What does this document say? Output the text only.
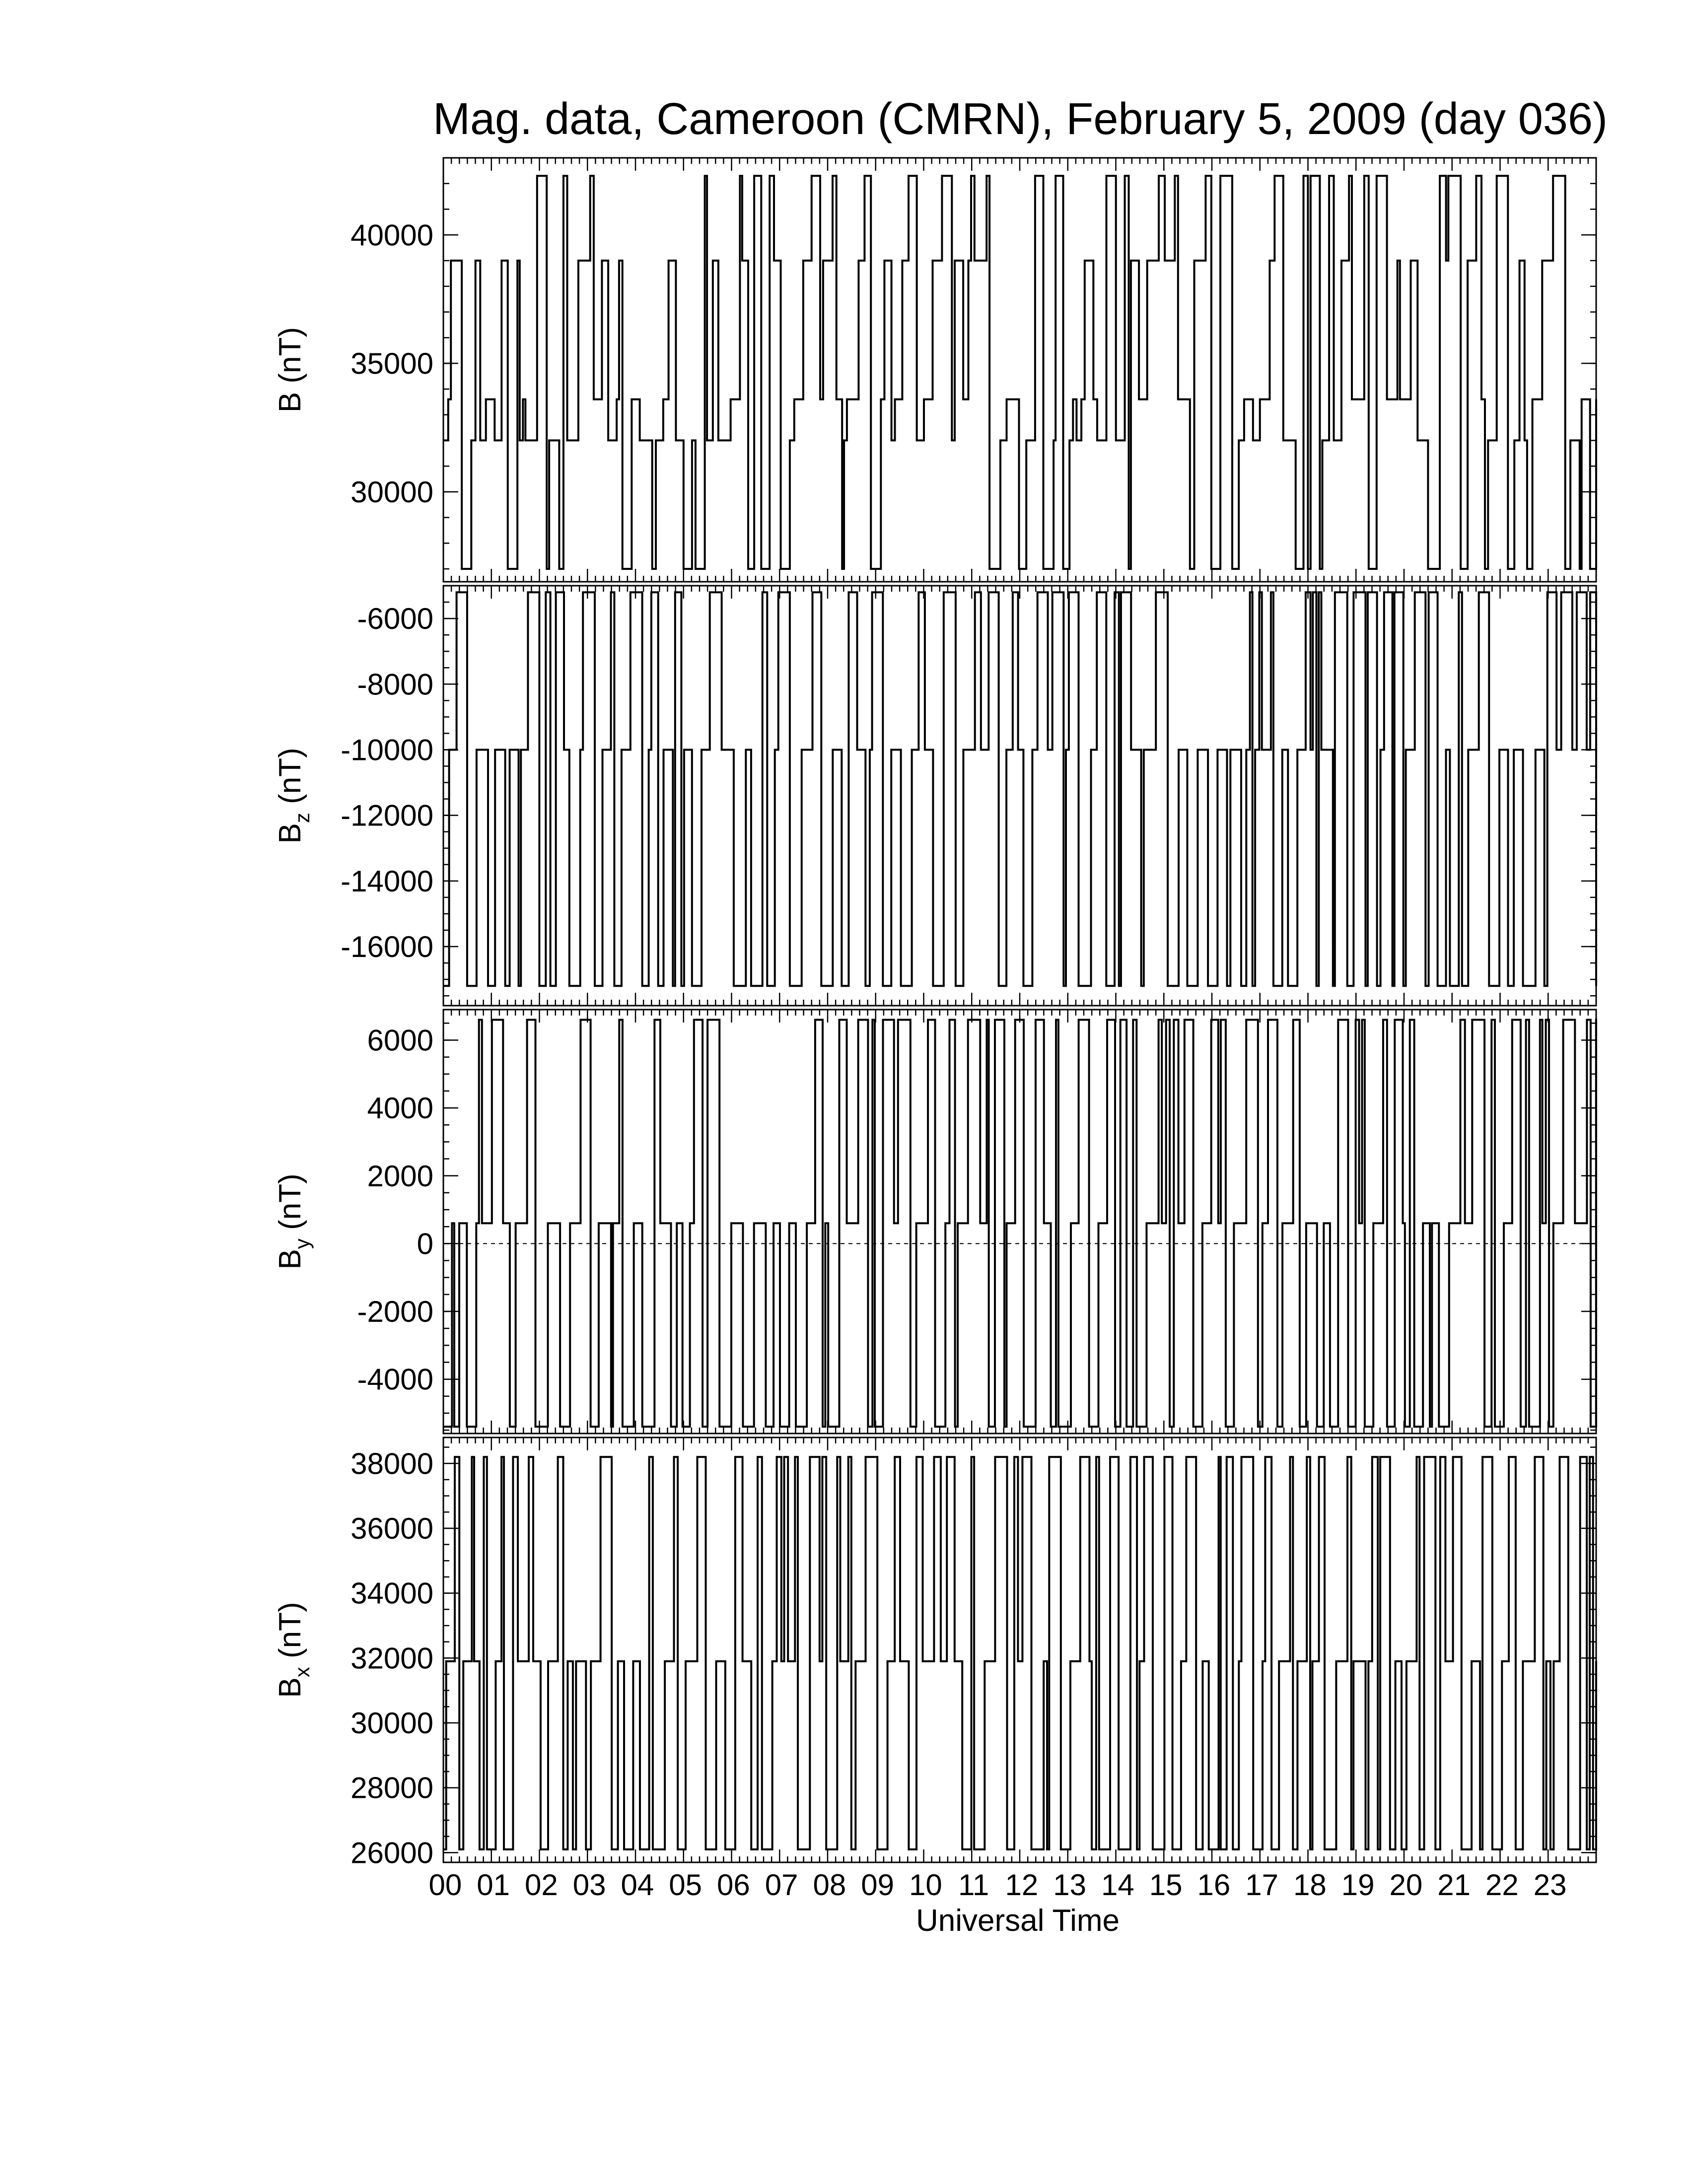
Mag. data, Cameroon (CMRN), February 5, 2009 (day 036)
30000
35000
40000
B (nT)
-16000
-14000
-12000
-10000
-8000
-6000
$B_z$ (nT)
-4000
-2000
0
2000
4000
6000
$B_y$ (nT)
26000
28000
30000
32000
34000
36000
38000
$B_x$ (nT)
00 01 02 03 04 05 06 07 08 09 10 11 12 13 14 15 16 17 18 19 20 21 22 23
Universal Time
